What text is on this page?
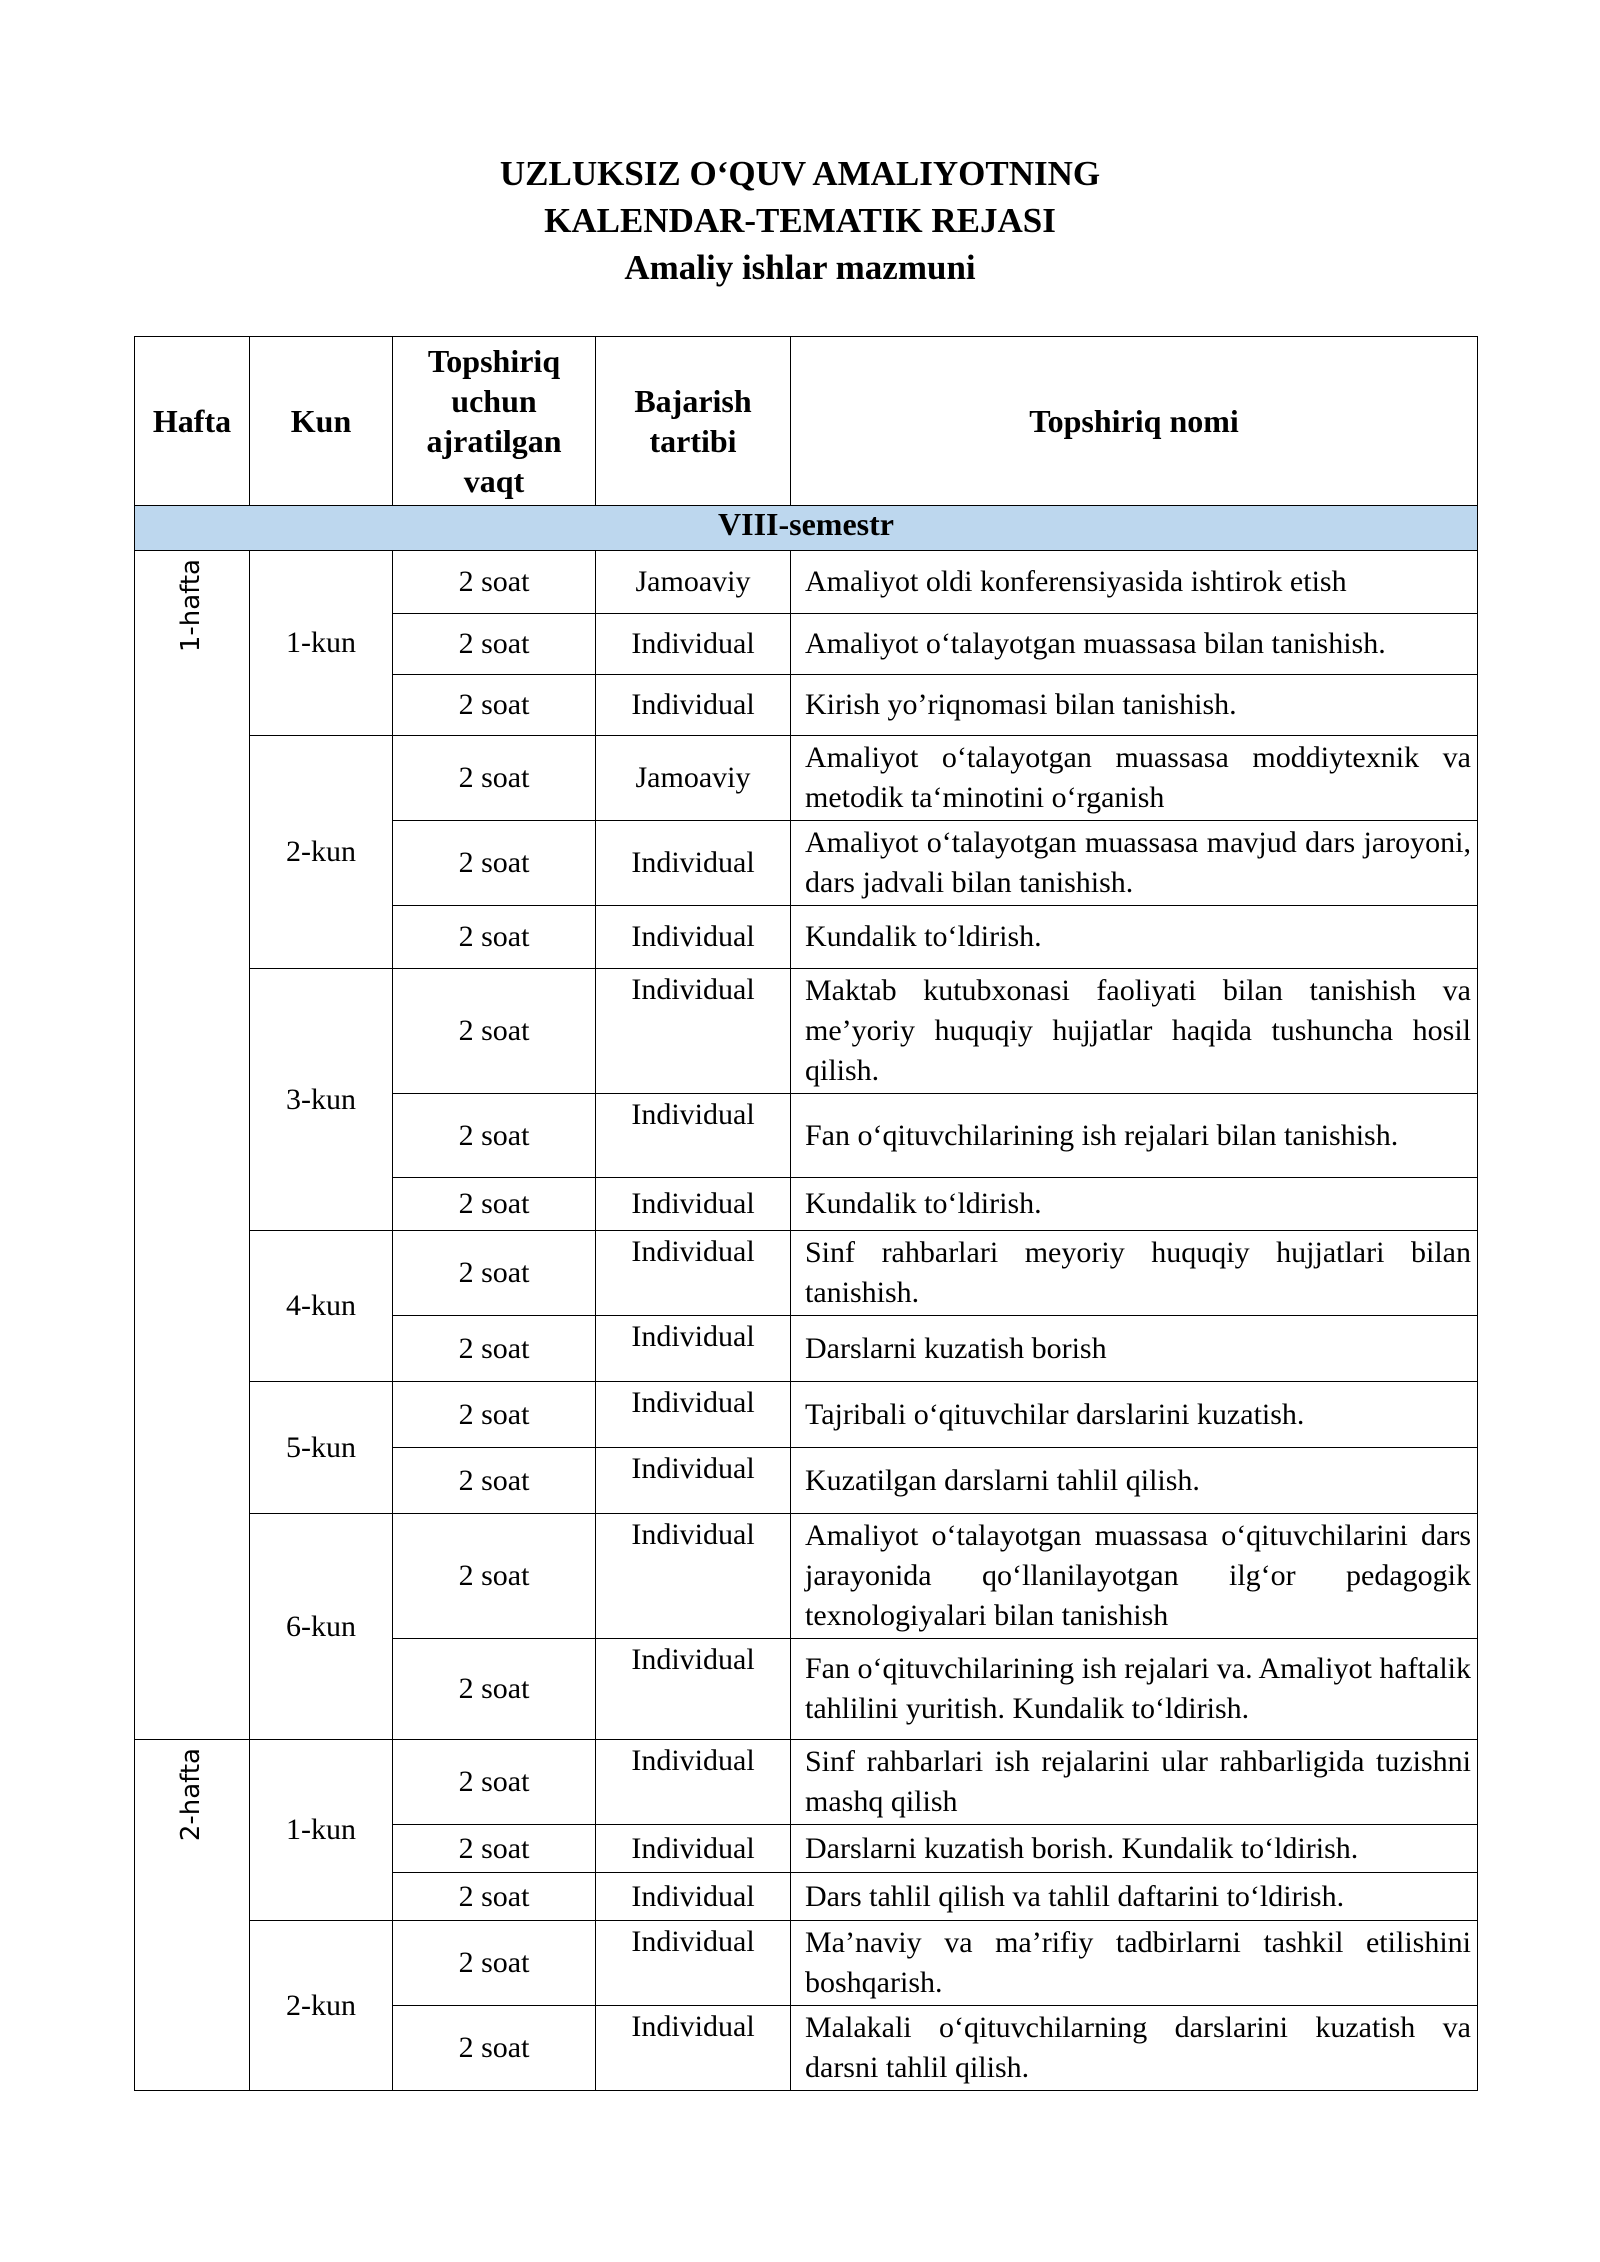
UZLUKSIZ O‘QUV AMALIYOTNING
KALENDAR-TEMATIK REJASI
Amaliy ishlar mazmuni
Hafta	Kun	Topshiriq uchun ajratilgan vaqt	Bajarish tartibi	Topshiriq nomi
VIII-semestr				

1-hafta	1-kun	2 soat	Jamoaviy	Amaliyot oldi konferensiyasida ishtirok etish
		2 soat	Individual	Amaliyot o‘talayotgan muassasa bilan tanishish.
		2 soat	Individual	Kirish yo’riqnomasi bilan tanishish.
	2-kun	2 soat	Jamoaviy	Amaliyot o‘talayotgan muassasa moddiytexnik va metodik ta‘minotini o‘rganish
		2 soat	Individual	Amaliyot o‘talayotgan muassasa mavjud dars jaroyoni, dars jadvali bilan tanishish.
		2 soat	Individual	Kundalik to‘ldirish.
	3-kun	2 soat	Individual	Maktab kutubxonasi faoliyati bilan tanishish va me’yoriy huquqiy hujjatlar haqida tushuncha hosil qilish.
		2 soat	Individual	Fan o‘qituvchilarining ish rejalari bilan tanishish.
		2 soat	Individual	Kundalik to‘ldirish.
	4-kun	2 soat	Individual	Sinf rahbarlari meyoriy huquqiy hujjatlari bilan tanishish.
		2 soat	Individual	Darslarni kuzatish borish
	5-kun	2 soat	Individual	Tajribali o‘qituvchilar darslarini kuzatish.
		2 soat	Individual	Kuzatilgan darslarni tahlil qilish.
	6-kun	2 soat	Individual	Amaliyot o‘talayotgan muassasa o‘qituvchilarini dars jarayonida qo‘llanilayotgan ilg‘or pedagogik texnologiyalari bilan tanishish
		2 soat	Individual	Fan o‘qituvchilarining ish rejalari va. Amaliyot haftalik tahlilini yuritish. Kundalik to‘ldirish.

2-hafta	1-kun	2 soat	Individual	Sinf rahbarlari ish rejalarini ular rahbarligida tuzishni mashq qilish
		2 soat	Individual	Darslarni kuzatish borish. Kundalik to‘ldirish.
		2 soat	Individual	Dars tahlil qilish va tahlil daftarini to‘ldirish.
	2-kun	2 soat	Individual	Ma’naviy va ma’rifiy tadbirlarni tashkil etilishini boshqarish.
		2 soat	Individual	Malakali o‘qituvchilarning darslarini kuzatish va darsni tahlil qilish.
